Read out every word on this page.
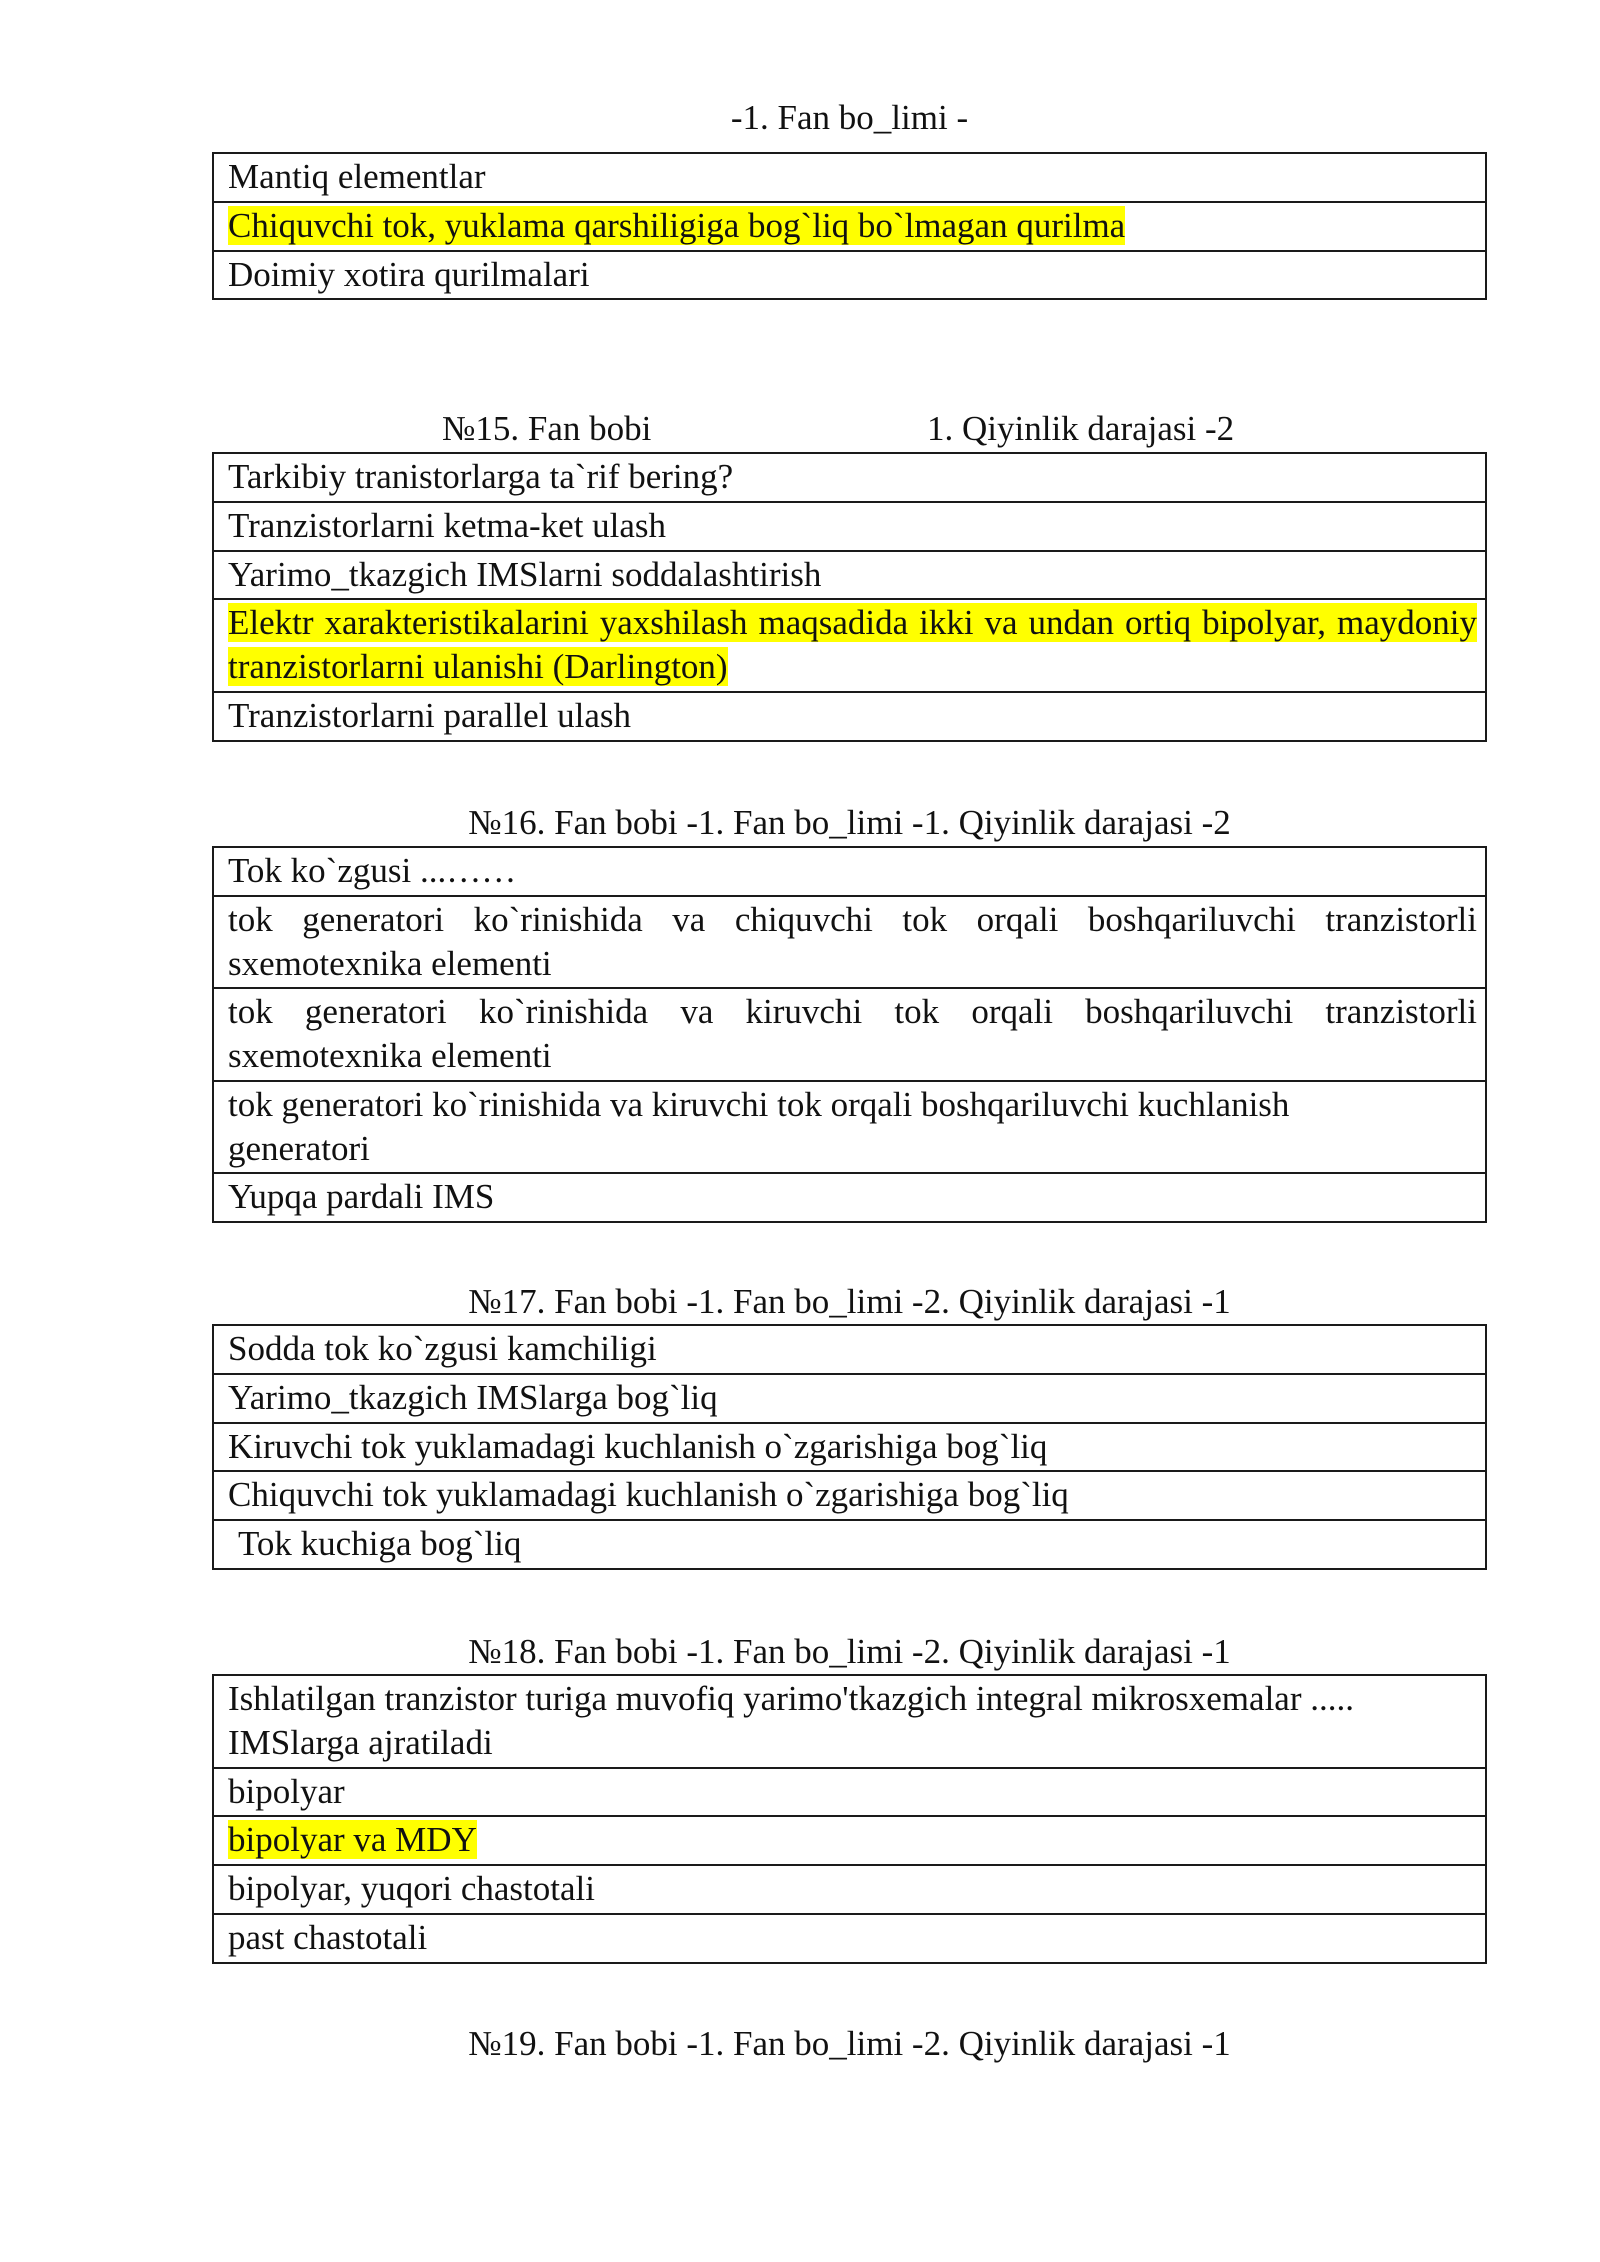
-1. Fan bo_limi -
Mantiq elementlar
Chiquvchi tok, yuklama qarshiligiga bog`liq bo`lmagan qurilma
Doimiy xotira qurilmalari
№15. Fan bobi	1. Qiyinlik darajasi -2
Tarkibiy tranistorlarga ta`rif bering?
Tranzistorlarni ketma-ket ulash
Yarimo_tkazgich IMSlarni soddalashtirish
Elektr xarakteristikalarini yaxshilash maqsadida ikki va undan ortiq bipolyar, maydoniy tranzistorlarni ulanishi (Darlington)
Tranzistorlarni parallel ulash
№16. Fan bobi -1. Fan bo_limi -1. Qiyinlik darajasi -2
Tok ko`zgusi ...……
tok generatori ko`rinishida va chiquvchi tok orqali boshqariluvchi tranzistorli sxemotexnika elementi
tok generatori ko`rinishida va kiruvchi tok orqali boshqariluvchi tranzistorli sxemotexnika elementi
tok generatori ko`rinishida va kiruvchi tok orqali boshqariluvchi kuchlanish generatori
Yupqa pardali IMS
№17. Fan bobi -1. Fan bo_limi -2. Qiyinlik darajasi -1
Sodda tok ko`zgusi kamchiligi
Yarimo_tkazgich IMSlarga bog`liq
Kiruvchi tok yuklamadagi kuchlanish o`zgarishiga bog`liq
Chiquvchi tok yuklamadagi kuchlanish o`zgarishiga bog`liq
Tok kuchiga bog`liq
№18. Fan bobi -1. Fan bo_limi -2. Qiyinlik darajasi -1
Ishlatilgan tranzistor turiga muvofiq yarimo'tkazgich integral mikrosxemalar ..... IMSlarga ajratiladi
bipolyar
bipolyar va MDY
bipolyar, yuqori chastotali
past chastotali
№19. Fan bobi -1. Fan bo_limi -2. Qiyinlik darajasi -1
